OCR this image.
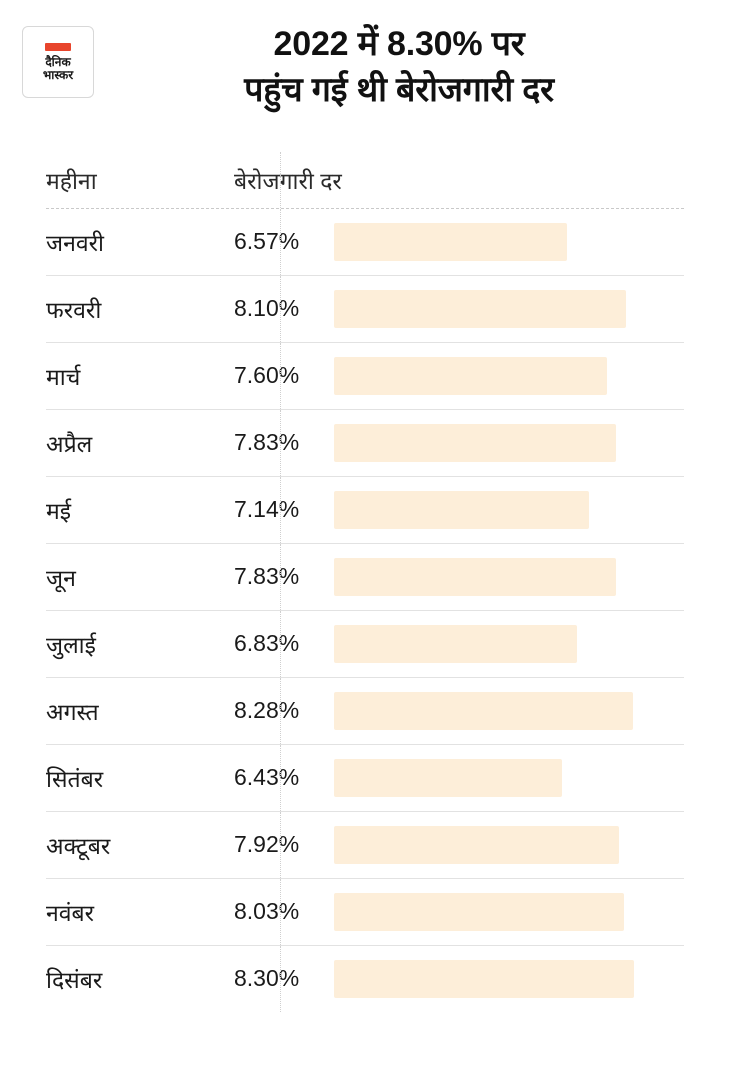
दैनिक
भास्कर
2022 में 8.30% पर
पहुंच गई थी बेरोजगारी दर
महीना	बेरोजगारी दर
जनवरी	6.57%
फरवरी	8.10%
मार्च	7.60%
अप्रैल	7.83%
मई	7.14%
जून	7.83%
जुलाई	6.83%
अगस्त	8.28%
सितंबर	6.43%
अक्टूबर	7.92%
नवंबर	8.03%
दिसंबर	8.30%
